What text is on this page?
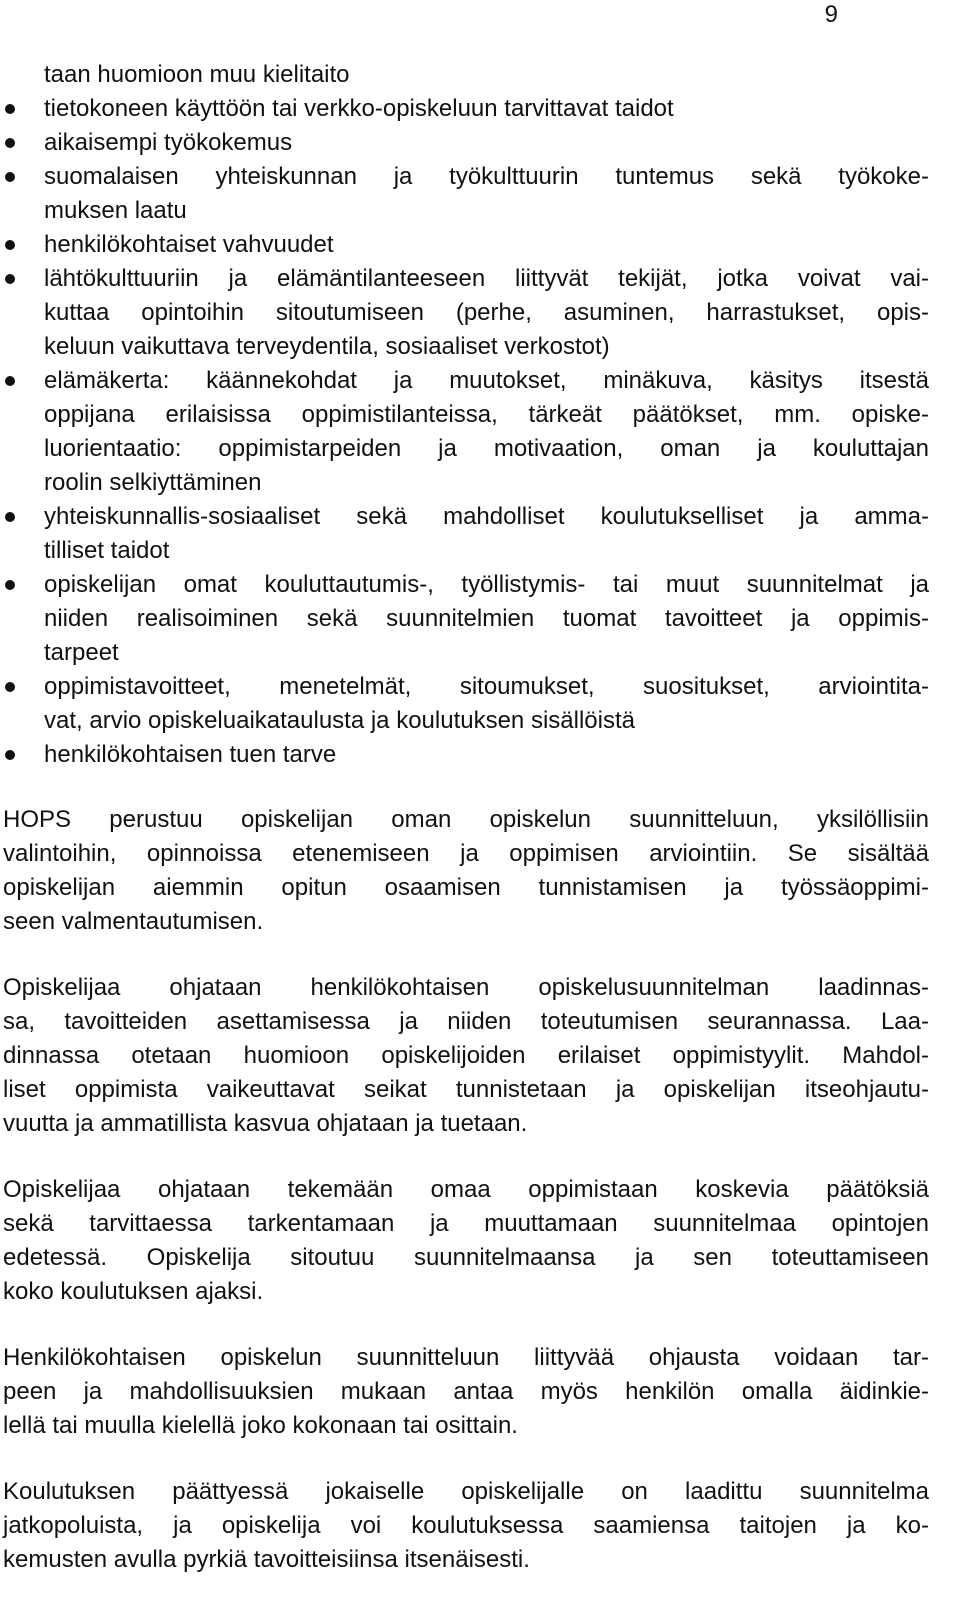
9
taan huomioon muu kielitaito
tietokoneen käyttöön tai verkko-opiskeluun tarvittavat taidot
aikaisempi työkokemus
suomalaisen yhteiskunnan ja työkulttuurin tuntemus sekä työkoke-
muksen laatu
henkilökohtaiset vahvuudet
lähtökulttuuriin ja elämäntilanteeseen liittyvät tekijät, jotka voivat vai-
kuttaa opintoihin sitoutumiseen (perhe, asuminen, harrastukset, opis-
keluun vaikuttava terveydentila, sosiaaliset verkostot)
elämäkerta: käännekohdat ja muutokset, minäkuva, käsitys itsestä
oppijana erilaisissa oppimistilanteissa, tärkeät päätökset, mm. opiske-
luorientaatio: oppimistarpeiden ja motivaation, oman ja kouluttajan
roolin selkiyttäminen
yhteiskunnallis-sosiaaliset sekä mahdolliset koulutukselliset ja amma-
tilliset taidot
opiskelijan omat kouluttautumis-, työllistymis- tai muut suunnitelmat ja
niiden realisoiminen sekä suunnitelmien tuomat tavoitteet ja oppimis-
tarpeet
oppimistavoitteet, menetelmät, sitoumukset, suositukset, arviointita-
vat, arvio opiskeluaikataulusta ja koulutuksen sisällöistä
henkilökohtaisen tuen tarve
HOPS perustuu opiskelijan oman opiskelun suunnitteluun, yksilöllisiin
valintoihin, opinnoissa etenemiseen ja oppimisen arviointiin. Se sisältää
opiskelijan aiemmin opitun osaamisen tunnistamisen ja työssäoppimi-
seen valmentautumisen.
Opiskelijaa ohjataan henkilökohtaisen opiskelusuunnitelman laadinnas-
sa, tavoitteiden asettamisessa ja niiden toteutumisen seurannassa. Laa-
dinnassa otetaan huomioon opiskelijoiden erilaiset oppimistyylit. Mahdol-
liset oppimista vaikeuttavat seikat tunnistetaan ja opiskelijan itseohjautu-
vuutta ja ammatillista kasvua ohjataan ja tuetaan.
Opiskelijaa ohjataan tekemään omaa oppimistaan koskevia päätöksiä
sekä tarvittaessa tarkentamaan ja muuttamaan suunnitelmaa opintojen
edetessä. Opiskelija sitoutuu suunnitelmaansa ja sen toteuttamiseen
koko koulutuksen ajaksi.
Henkilökohtaisen opiskelun suunnitteluun liittyvää ohjausta voidaan tar-
peen ja mahdollisuuksien mukaan antaa myös henkilön omalla äidinkie-
lellä tai muulla kielellä joko kokonaan tai osittain.
Koulutuksen päättyessä jokaiselle opiskelijalle on laadittu suunnitelma
jatkopoluista, ja opiskelija voi koulutuksessa saamiensa taitojen ja ko-
kemusten avulla pyrkiä tavoitteisiinsa itsenäisesti.
